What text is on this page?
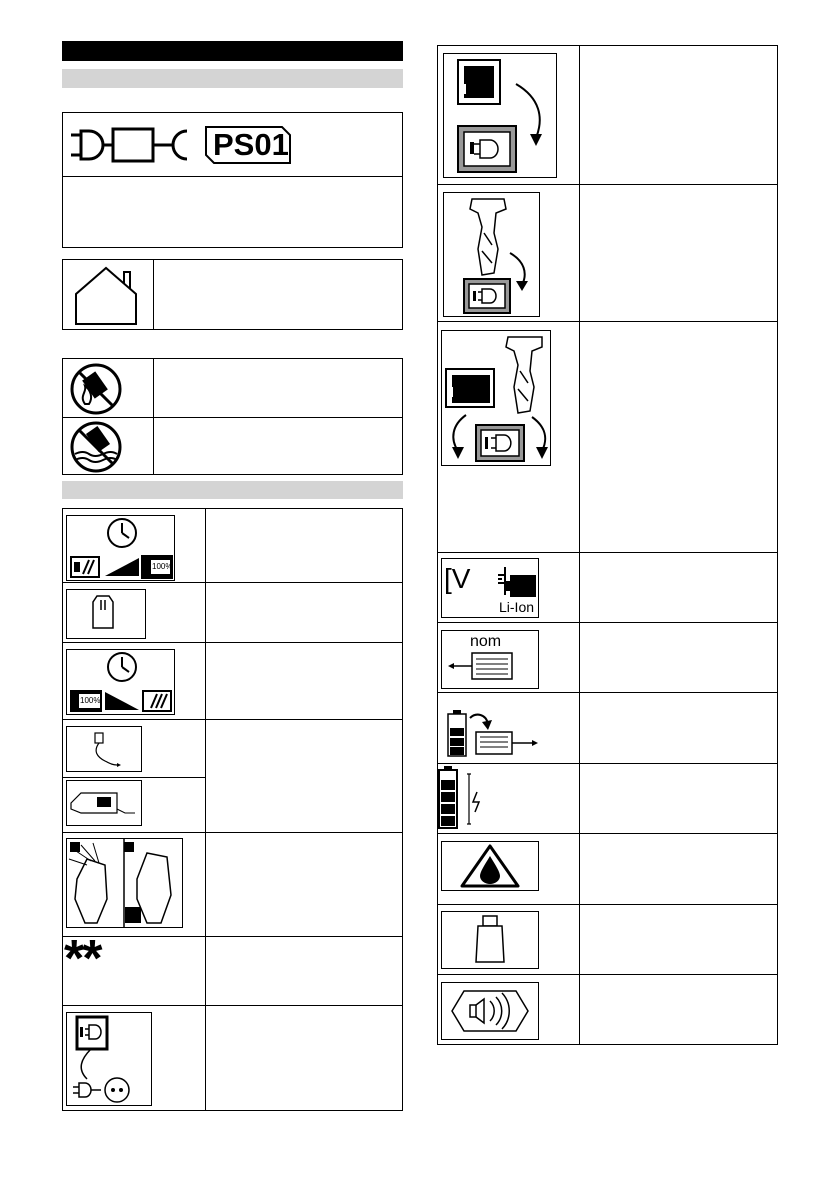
PS01
100%
100%
**
[V
Li-Ion
nom
